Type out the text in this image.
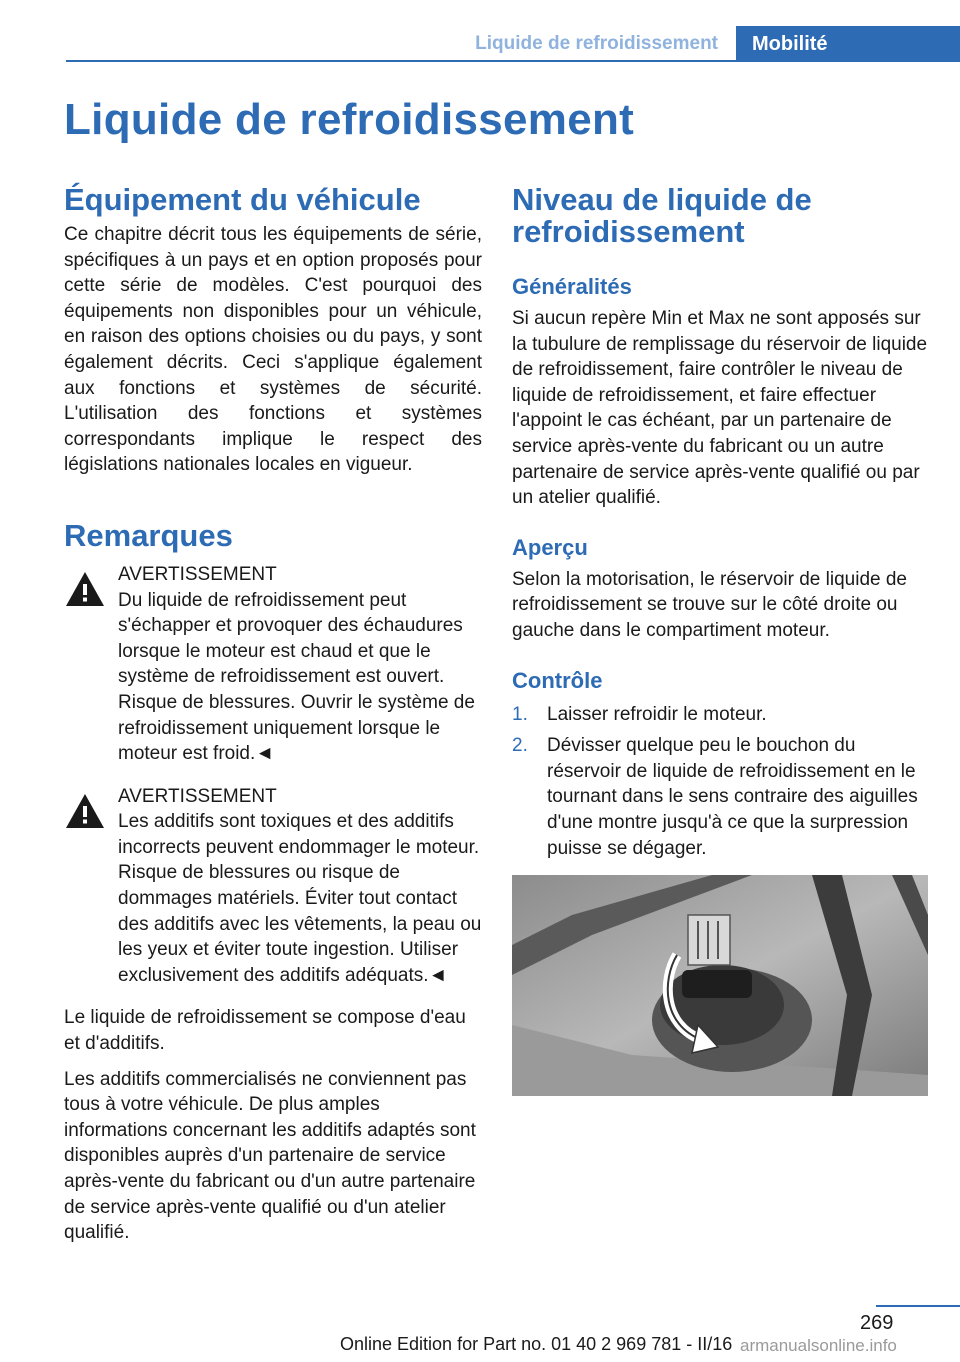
Liquide de refroidissement	Mobilité
Liquide de refroidissement
Équipement du véhicule

Ce chapitre décrit tous les équipements de série, spécifiques à un pays et en option proposés pour cette série de modèles. C'est pourquoi des équipements non disponibles pour un véhicule, en raison des options choisies ou du pays, y sont également décrits. Ceci s'applique également aux fonctions et systèmes de sécurité. L'utilisation des fonctions et systèmes correspondants implique le respect des législations nationales locales en vigueur.

Remarques
AVERTISSEMENT

Du liquide de refroidissement peut s'échapper et provoquer des échaudures lorsque le moteur est chaud et que le système de refroidissement est ouvert. Risque de blessures. Ouvrir le système de refroidissement uniquement lorsque le moteur est froid.◄

AVERTISSEMENT

Les additifs sont toxiques et des additifs incorrects peuvent endommager le moteur. Risque de blessures ou risque de dommages matériels. Éviter tout contact des additifs avec les vêtements, la peau ou les yeux et éviter toute ingestion. Utiliser exclusivement des additifs adéquats.◄

Le liquide de refroidissement se compose d'eau et d'additifs.

Les additifs commercialisés ne conviennent pas tous à votre véhicule. De plus amples informations concernant les additifs adaptés sont disponibles auprès d'un partenaire de service après-vente du fabricant ou d'un autre partenaire de service après-vente qualifié ou d'un atelier qualifié.

Niveau de liquide de refroidissement
Généralités

Si aucun repère Min et Max ne sont apposés sur la tubulure de remplissage du réservoir de liquide de refroidissement, faire contrôler le niveau de liquide de refroidissement, et faire effectuer l'appoint le cas échéant, par un partenaire de service après-vente du fabricant ou un autre partenaire de service après-vente qualifié ou par un atelier qualifié.

Aperçu

Selon la motorisation, le réservoir de liquide de refroidissement se trouve sur le côté droite ou gauche dans le compartiment moteur.

Contrôle
1. Laisser refroidir le moteur.
2. Dévisser quelque peu le bouchon du réservoir de liquide de refroidissement en le tournant dans le sens contraire des aiguilles d'une montre jusqu'à ce que la surpression puisse se dégager.
269
Online Edition for Part no. 01 40 2 969 781 - II/16 armanualsonline.info
